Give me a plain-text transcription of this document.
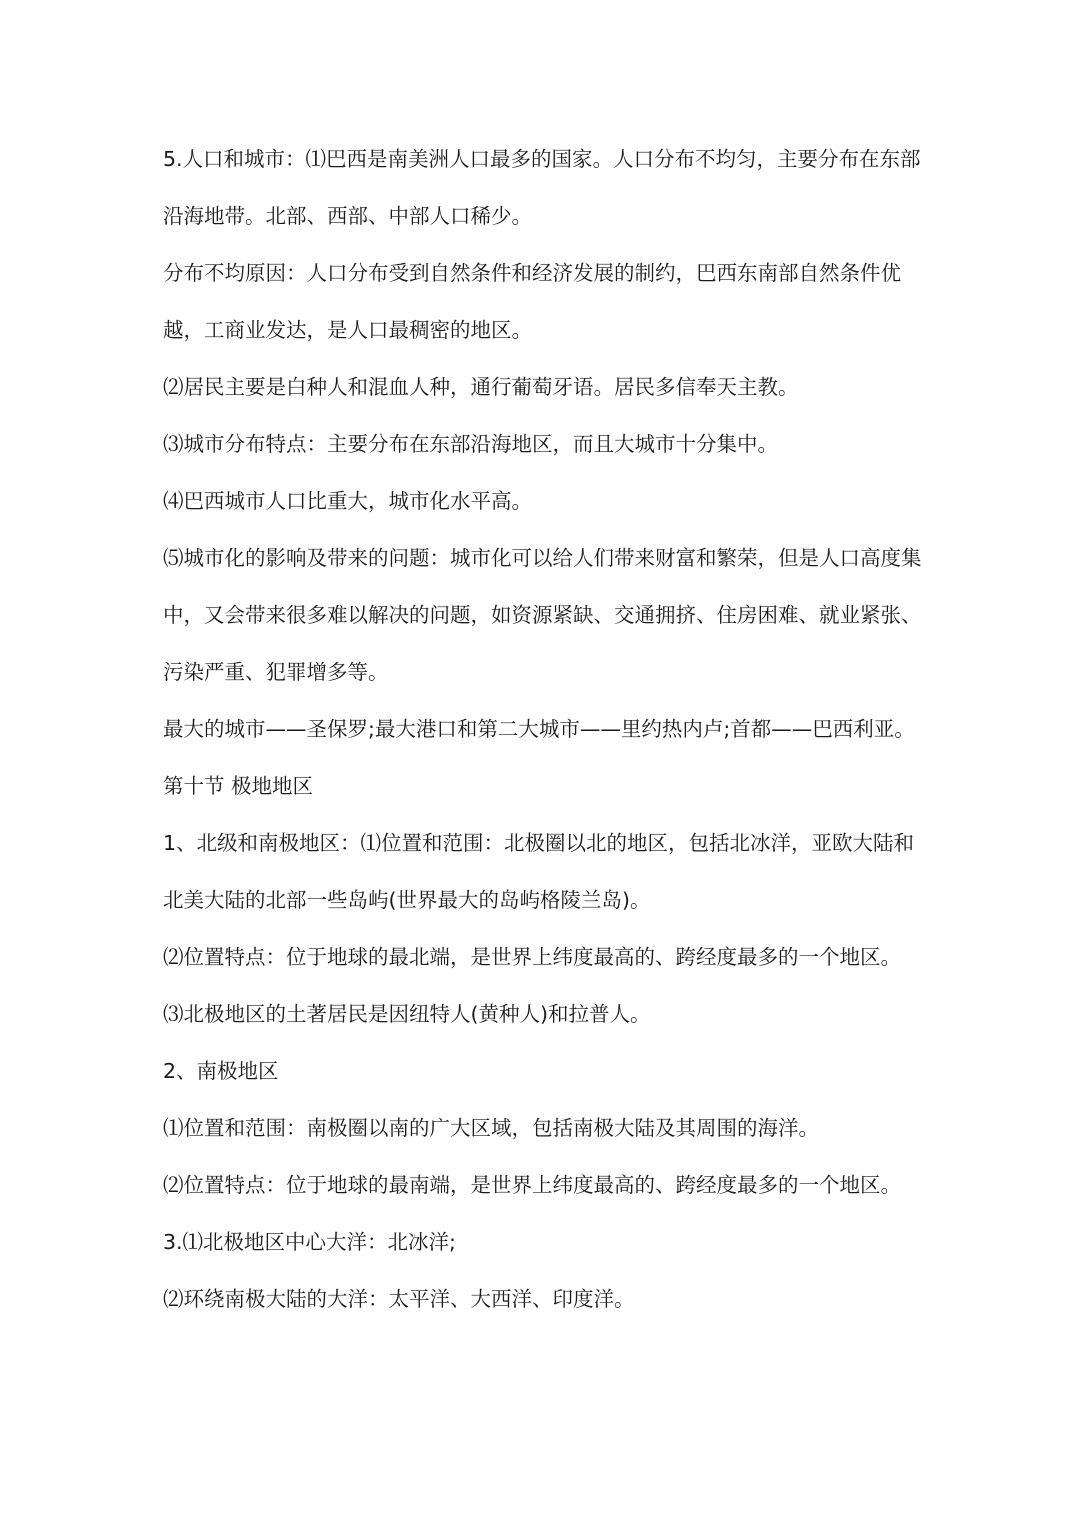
5.人口和城市：⑴巴西是南美洲人口最多的国家。人口分布不均匀，主要分布在东部沿海地带。北部、西部、中部人口稀少。

分布不均原因：人口分布受到自然条件和经济发展的制约，巴西东南部自然条件优越，工商业发达，是人口最稠密的地区。

⑵居民主要是白种人和混血人种，通行葡萄牙语。居民多信奉天主教。

⑶城市分布特点：主要分布在东部沿海地区，而且大城市十分集中。

⑷巴西城市人口比重大，城市化水平高。

⑸城市化的影响及带来的问题：城市化可以给人们带来财富和繁荣，但是人口高度集中，又会带来很多难以解决的问题，如资源紧缺、交通拥挤、住房困难、就业紧张、污染严重、犯罪增多等。

最大的城市——圣保罗;最大港口和第二大城市——里约热内卢;首都——巴西利亚。

第十节 极地地区

1、北级和南极地区：⑴位置和范围：北极圈以北的地区，包括北冰洋，亚欧大陆和北美大陆的北部一些岛屿(世界最大的岛屿格陵兰岛)。

⑵位置特点：位于地球的最北端，是世界上纬度最高的、跨经度最多的一个地区。

⑶北极地区的土著居民是因纽特人(黄种人)和拉普人。

2、南极地区

⑴位置和范围：南极圈以南的广大区域，包括南极大陆及其周围的海洋。

⑵位置特点：位于地球的最南端，是世界上纬度最高的、跨经度最多的一个地区。

3.⑴北极地区中心大洋：北冰洋;

⑵环绕南极大陆的大洋：太平洋、大西洋、印度洋。
